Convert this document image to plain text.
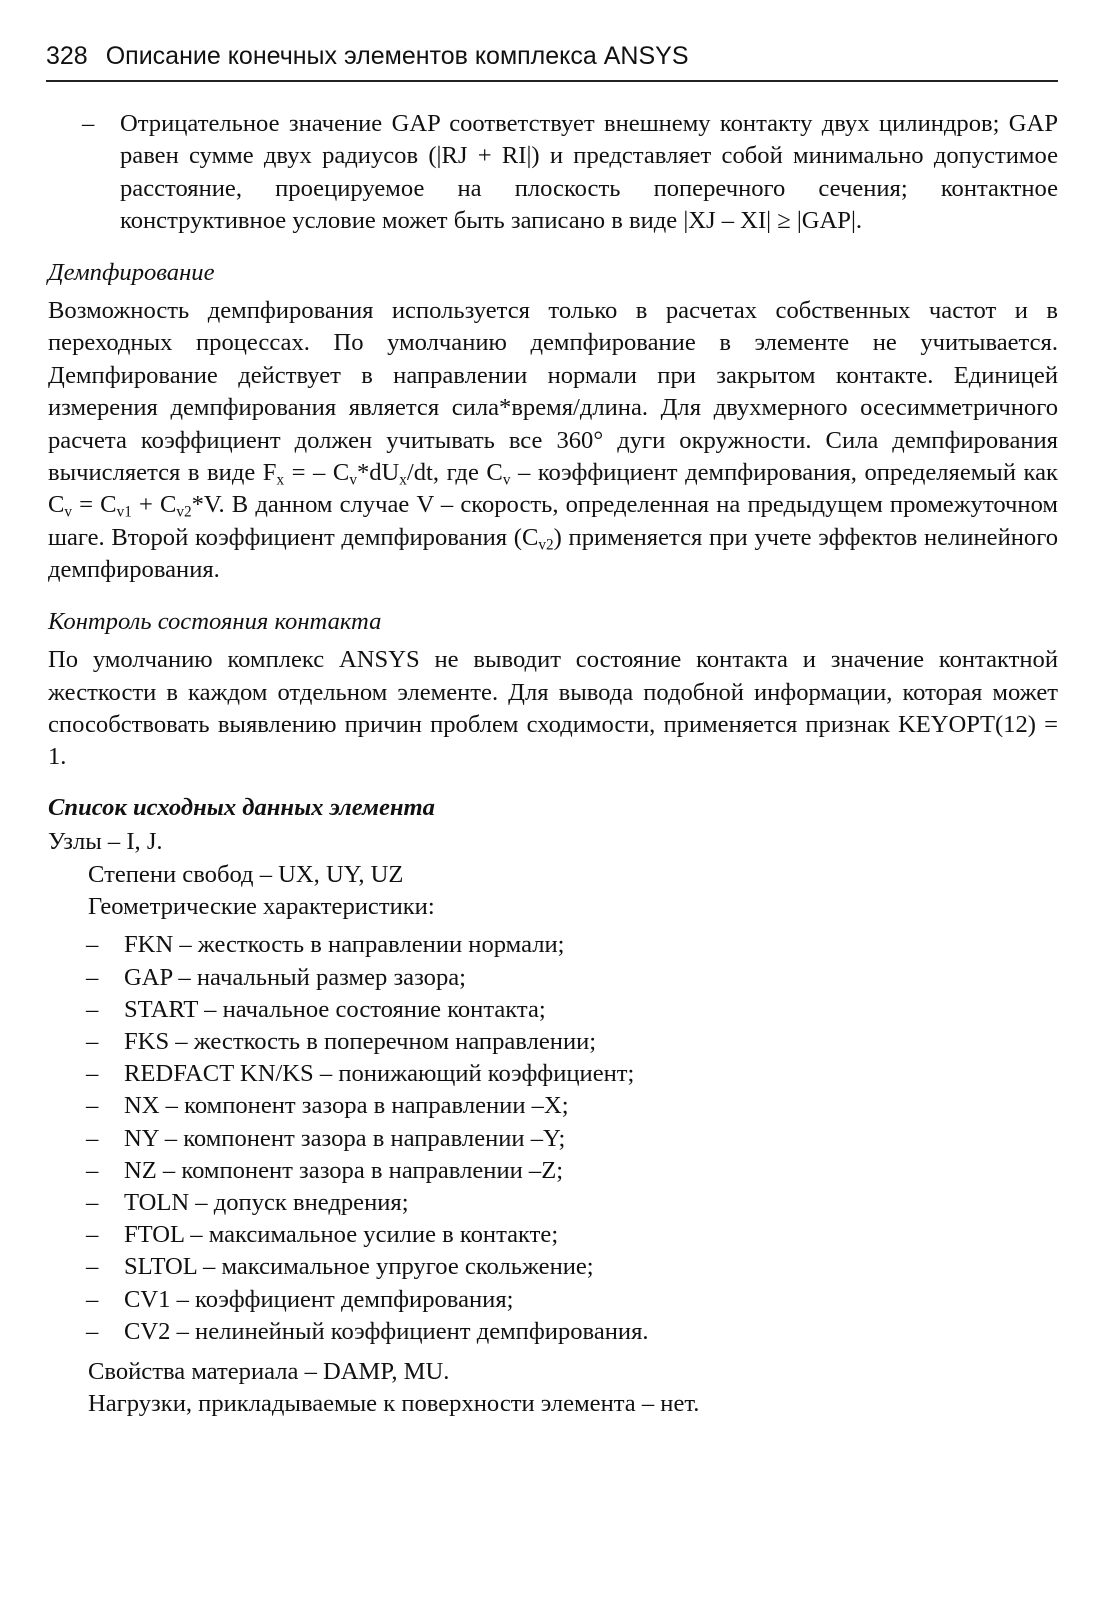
328 Описание конечных элементов комплекса ANSYS

– Отрицательное значение GAP соответствует внешнему контакту двух цилиндров; GAP равен сумме двух радиусов (|RJ + RI|) и представляет собой минимально допустимое расстояние, проецируемое на плоскость поперечного сечения; контактное конструктивное условие может быть записано в виде |XJ – XI| ≥ |GAP|.

Демпфирование

Возможность демпфирования используется только в расчетах собственных частот и в переходных процессах. По умолчанию демпфирование в элементе не учитывается. Демпфирование действует в направлении нормали при закрытом контакте. Единицей измерения демпфирования является сила*время/длина. Для двухмерного осесимметричного расчета коэффициент должен учитывать все 360° дуги окружности. Сила демпфирования вычисляется в виде $F_x$ = – $C_v*dU_x/dt$, где $C_v$ – коэффициент демпфирования, определяемый как $C_v = C_{v1} + C_{v2}*V$. В данном случае V – скорость, определенная на предыдущем промежуточном шаге. Второй коэффициент демпфирования $(C_{v2})$ применяется при учете эффектов нелинейного демпфирования.

Контроль состояния контакта

По умолчанию комплекс ANSYS не выводит состояние контакта и значение контактной жесткости в каждом отдельном элементе. Для вывода подобной информации, которая может способствовать выявлению причин проблем сходимости, применяется признак KEYOPT(12) = 1.

Список исходных данных элемента

Узлы – I, J.

Степени свобод – UX, UY, UZ

Геометрические характеристики:

– FKN – жесткость в направлении нормали;
– GAP – начальный размер зазора;
– START – начальное состояние контакта;
– FKS – жесткость в поперечном направлении;
– REDFACT KN/KS – понижающий коэффициент;
– NX – компонент зазора в направлении –X;
– NY – компонент зазора в направлении –Y;
– NZ – компонент зазора в направлении –Z;
– TOLN – допуск внедрения;
– FTOL – максимальное усилие в контакте;
– SLTOL – максимальное упругое скольжение;
– CV1 – коэффициент демпфирования;
– CV2 – нелинейный коэффициент демпфирования.

Свойства материала – DAMP, MU.

Нагрузки, прикладываемые к поверхности элемента – нет.
